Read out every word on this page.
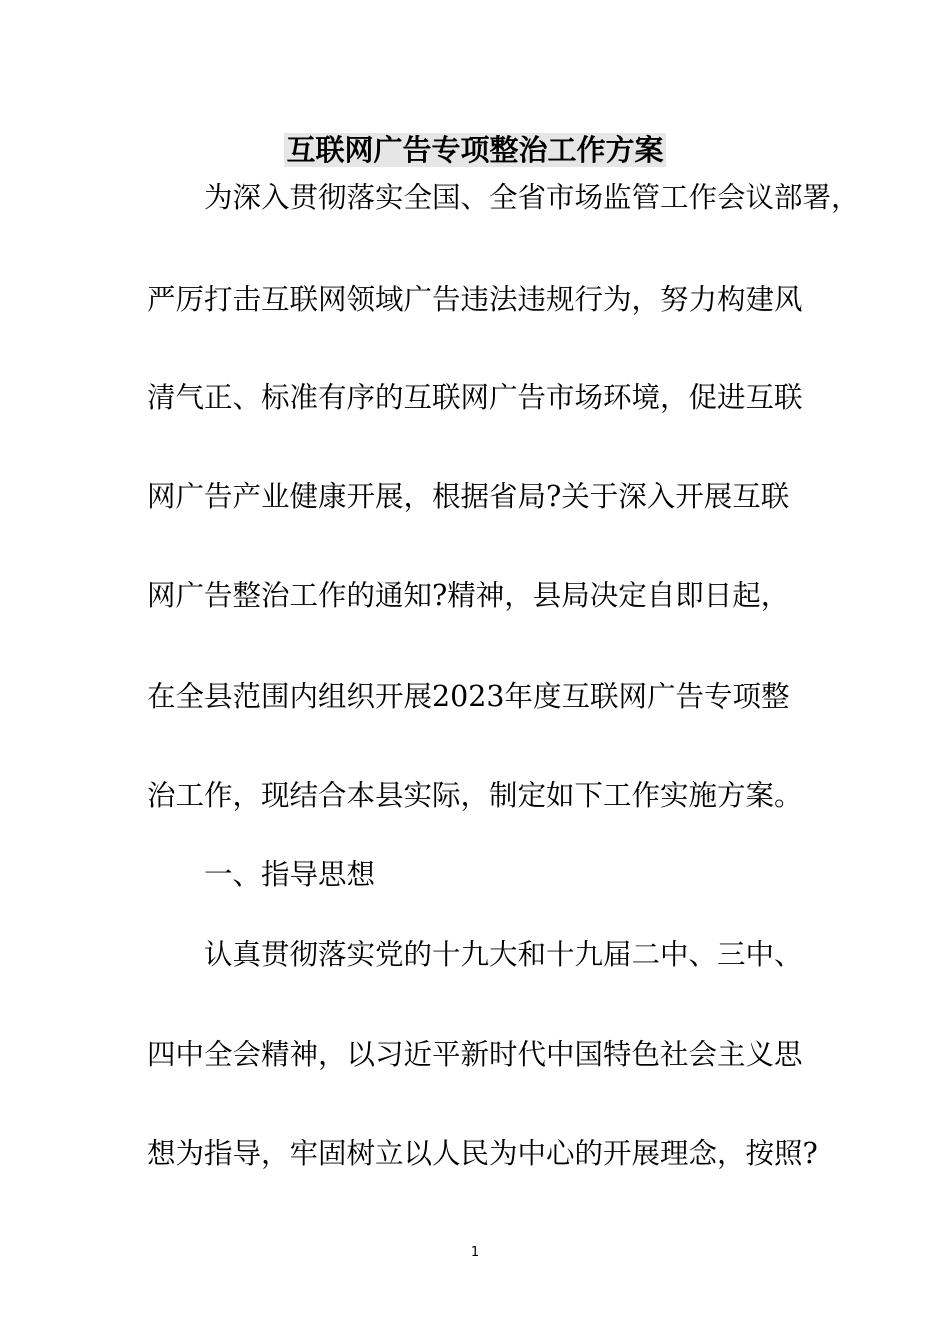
互联网广告专项整治工作方案
为深入贯彻落实全国、全省市场监管工作会议部署，
严厉打击互联网领域广告违法违规行为，努力构建风
清气正、标准有序的互联网广告市场环境，促进互联
网广告产业健康开展，根据省局?关于深入开展互联
网广告整治工作的通知?精神，县局决定自即日起，
在全县范围内组织开展2023年度互联网广告专项整
治工作，现结合本县实际，制定如下工作实施方案。
一、指导思想
认真贯彻落实党的十九大和十九届二中、三中、
四中全会精神，以习近平新时代中国特色社会主义思
想为指导，牢固树立以人民为中心的开展理念，按照?
1
